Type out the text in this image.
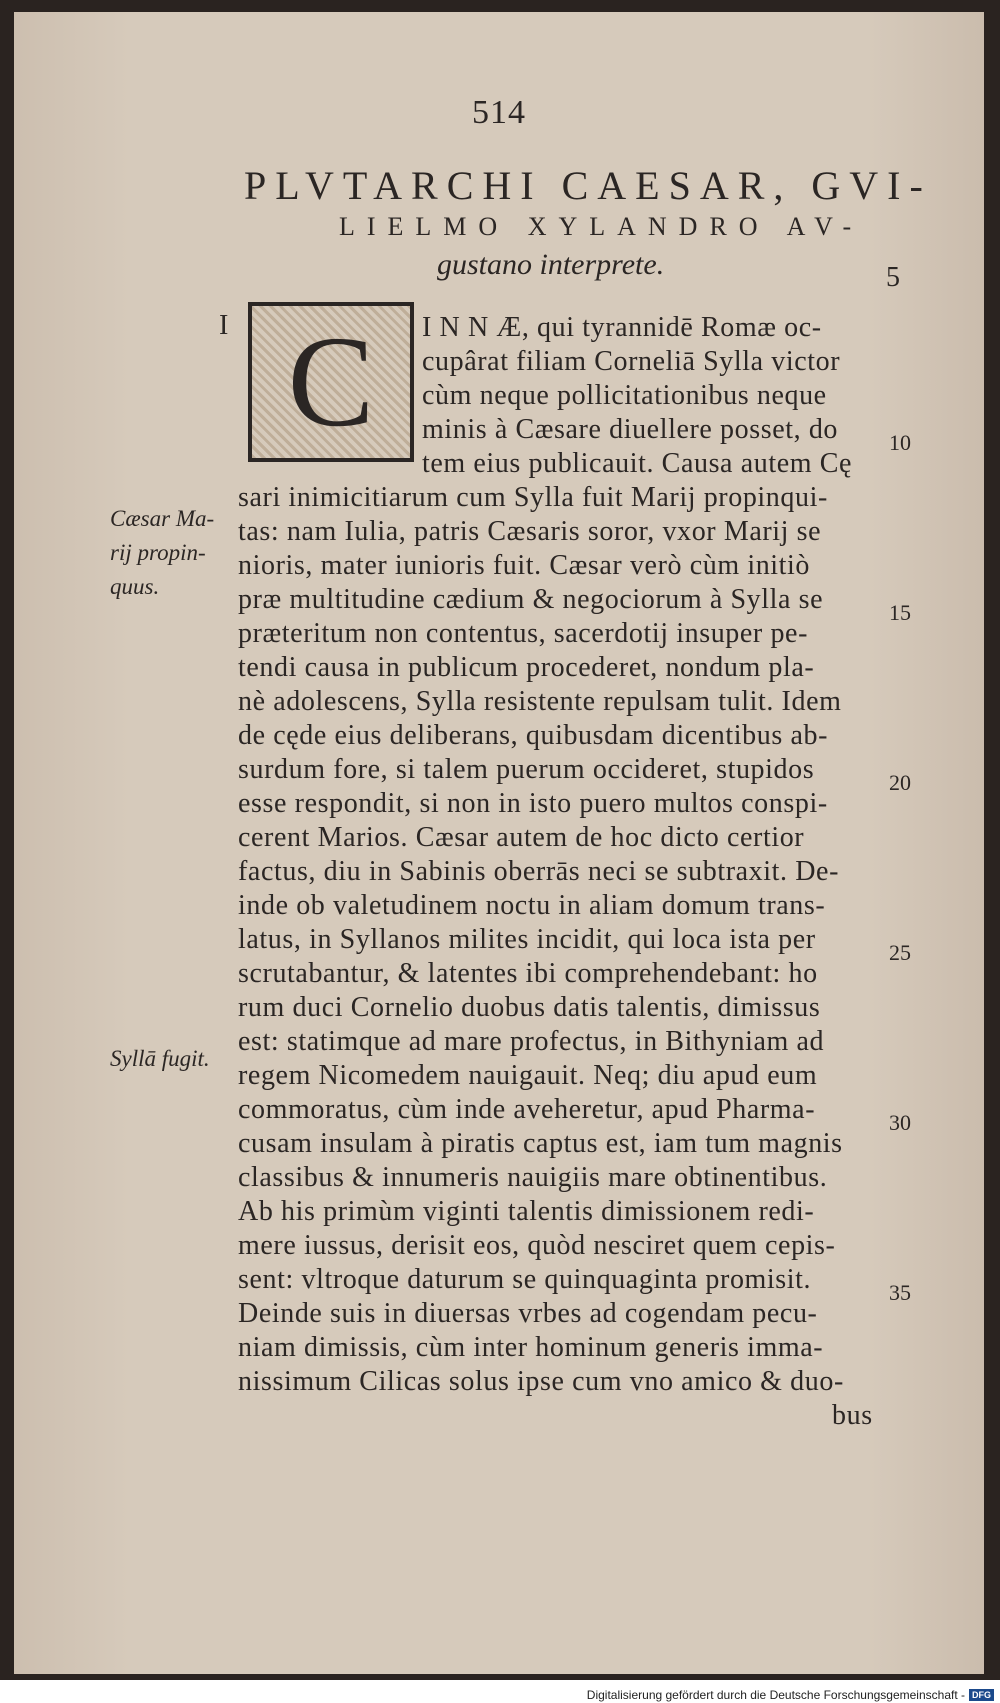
514
PLVTARCHI CAESAR, GVI-
LIELMO XYLANDRO AV-
gustano interprete.	5
I C I N N Æ, qui tyrannidē Romæ oc-
cupârat filiam Corneliā Sylla victor
cùm neque pollicitationibus neque
minis à Cæsare diuellere posset, do
tem eius publicauit. Causa autem Cę
sari inimicitiarum cum Sylla fuit Marij propinqui-
tas: nam Iulia, patris Cæsaris soror, vxor Marij se
nioris, mater iunioris fuit. Cæsar verò cùm initiò
præ multitudine cædium & negociorum à Sylla se
præteritum non contentus, sacerdotij insuper pe-
tendi causa in publicum procederet, nondum pla-
nè adolescens, Sylla resistente repulsam tulit. Idem
de cęde eius deliberans, quibusdam dicentibus ab-
surdum fore, si talem puerum occideret, stupidos
esse respondit, si non in isto puero multos conspi-
cerent Marios. Cæsar autem de hoc dicto certior
factus, diu in Sabinis oberrās neci se subtraxit. De-
inde ob valetudinem noctu in aliam domum trans-
latus, in Syllanos milites incidit, qui loca ista per
scrutabantur, & latentes ibi comprehendebant: ho
rum duci Cornelio duobus datis talentis, dimissus
est: statimque ad mare profectus, in Bithyniam ad
regem Nicomedem nauigauit. Neq; diu apud eum
commoratus, cùm inde aveheretur, apud Pharma-
cusam insulam à piratis captus est, iam tum magnis
classibus & innumeris nauigiis mare obtinentibus.
Ab his primùm viginti talentis dimissionem redi-
mere iussus, derisit eos, quòd nesciret quem cepis-
sent: vltroque daturum se quinquaginta promisit.
Deinde suis in diuersas vrbes ad cogendam pecu-
niam dimissis, cùm inter hominum generis imma-
nissimum Cilicas solus ipse cum vno amico & duo-
bus
Cæsar Ma-
rij propin-
quus.
Syllā fugit.
10
15
20
25
30
35
Digitalisierung gefördert durch die Deutsche Forschungsgemeinschaft - DFG
